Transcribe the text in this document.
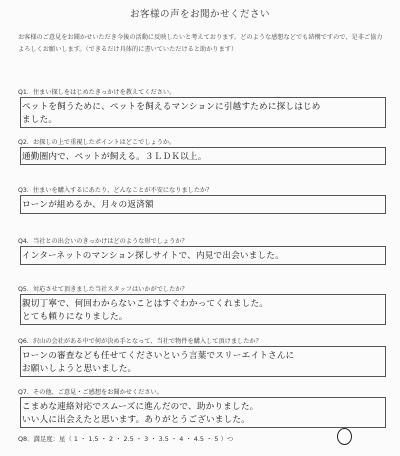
お客様の声をお聞かせください
お客様のご意見をお聞かせいただき今後の活動に反映したいと考えております。どのような感想などでも結構ですので、是非ご協力よろしくお願いします。（できるだけ具体的に書いていただけると助かります）
Q1．住まい探しをはじめたきっかけを教えてください。
ペットを飼うために、ペットを飼えるマンションに引越すために探しはじめ
ました。
Q2．お探しの上で重視したポイントはどこでしょうか。
通勤圏内で、ペットが飼える。３ＬＤＫ以上。
Q3．住まいを購入するにあたり、どんなことが不安になりましたか？
ローンが組めるか、月々の返済額
Q4．当社との出会いのきっかけはどのような形でしょうか？
インターネットのマンション探しサイトで、内見で出会いました。
Q5．対応させて頂きました当社スタッフはいかがでしたか？
親切丁寧で、何回わからないことはすぐわかってくれました。
とても頼りになりました。
Q6．沢山の会社がある中で何が決め手となって、当社で物件を購入して頂けましたか？
ローンの審査なども任せてくださいという言葉でスリーエイトさんに
お願いしようと思いました。
Q7．その他、ご意見・ご感想をお聞かせください。
こまめな連絡対応でスムーズに進んだので、助かりました。
いい人に出会えたと思います。ありがとうございました。
Q8．満足度：星（ 1 ・ 1.5 ・ 2 ・ 2.5 ・ 3 ・ 3.5 ・ 4 ・ 4.5 ・ 5 ）つ
